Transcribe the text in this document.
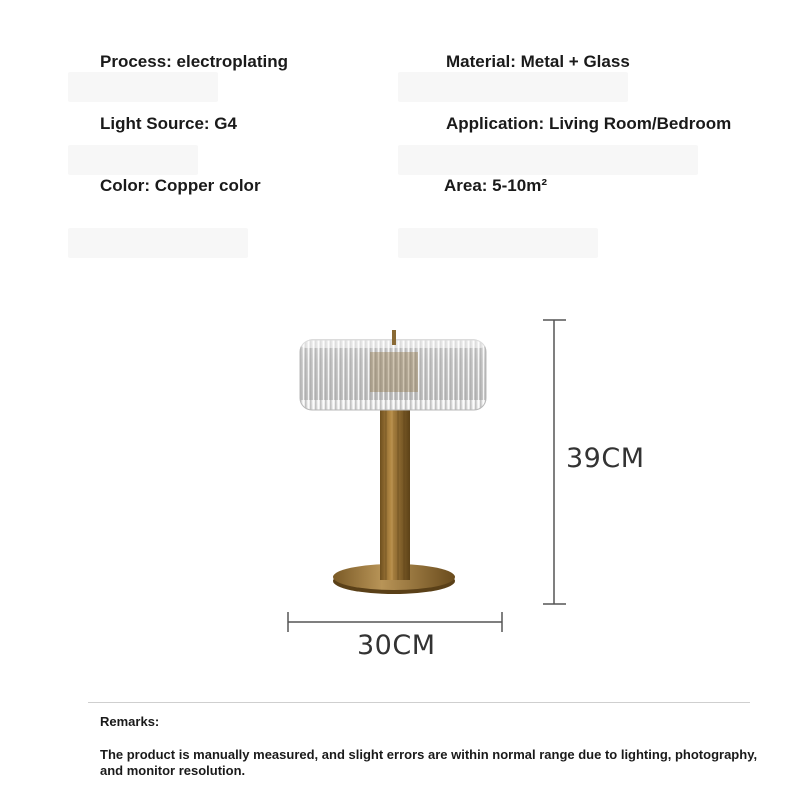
Process: electroplating	Material: Metal + Glass
Light Source: G4	Application: Living Room/Bedroom
Color: Copper color	Area: 5-10m²
39CM
30CM
Remarks:
The product is manually measured, and slight errors are within normal range due to lighting, photography, and monitor resolution.
